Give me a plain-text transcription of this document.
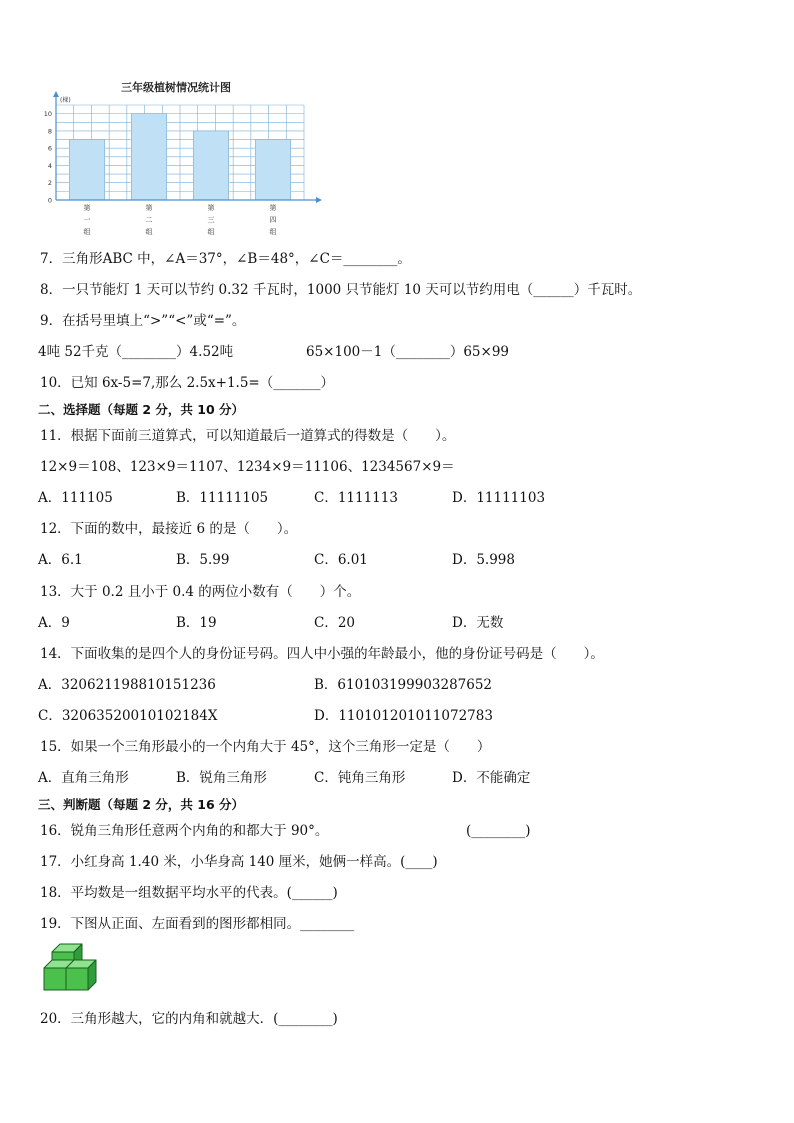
三年级植树情况统计图
(棵)
0
2
4
6
8
10
第一组
第二组
第三组
第四组
7．三角形ABC 中，∠A＝37°，∠B＝48°，∠C＝________。
8．一只节能灯 1 天可以节约 0.32 千瓦时，1000 只节能灯 10 天可以节约用电（______）千瓦时。
9．在括号里填上“>”“<”或“=”。
4吨 52千克（________）4.52吨	65×100－1（________）65×99
10．已知 6x-5=7,那么 2.5x+1.5=（_______）
二、选择题（每题 2 分，共 10 分）
11．根据下面前三道算式，可以知道最后一道算式的得数是（　　）。
12×9＝108、123×9＝1107、1234×9＝11106、1234567×9＝
A．111105	B．11111105	C．1111113	D．11111103
12．下面的数中，最接近 6 的是（　　）。
A．6.1	B．5.99	C．6.01	D．5.998
13．大于 0.2 且小于 0.4 的两位小数有（　　）个。
A．9	B．19	C．20	D．无数
14．下面收集的是四个人的身份证号码。四人中小强的年龄最小，他的身份证号码是（　　）。
A．320621198810151236	B．610103199903287652
C．32063520010102184X	D．110101201011072783
15．如果一个三角形最小的一个内角大于 45°，这个三角形一定是（　　）
A．直角三角形	B．锐角三角形	C．钝角三角形	D．不能确定
三、判断题（每题 2 分，共 16 分）
16．锐角三角形任意两个内角的和都大于 90°。	(________)
17．小红身高 1.40 米，小华身高 140 厘米，她俩一样高。(____)
18．平均数是一组数据平均水平的代表。(______)
19．下图从正面、左面看到的图形都相同。________
20．三角形越大，它的内角和就越大．(________)
